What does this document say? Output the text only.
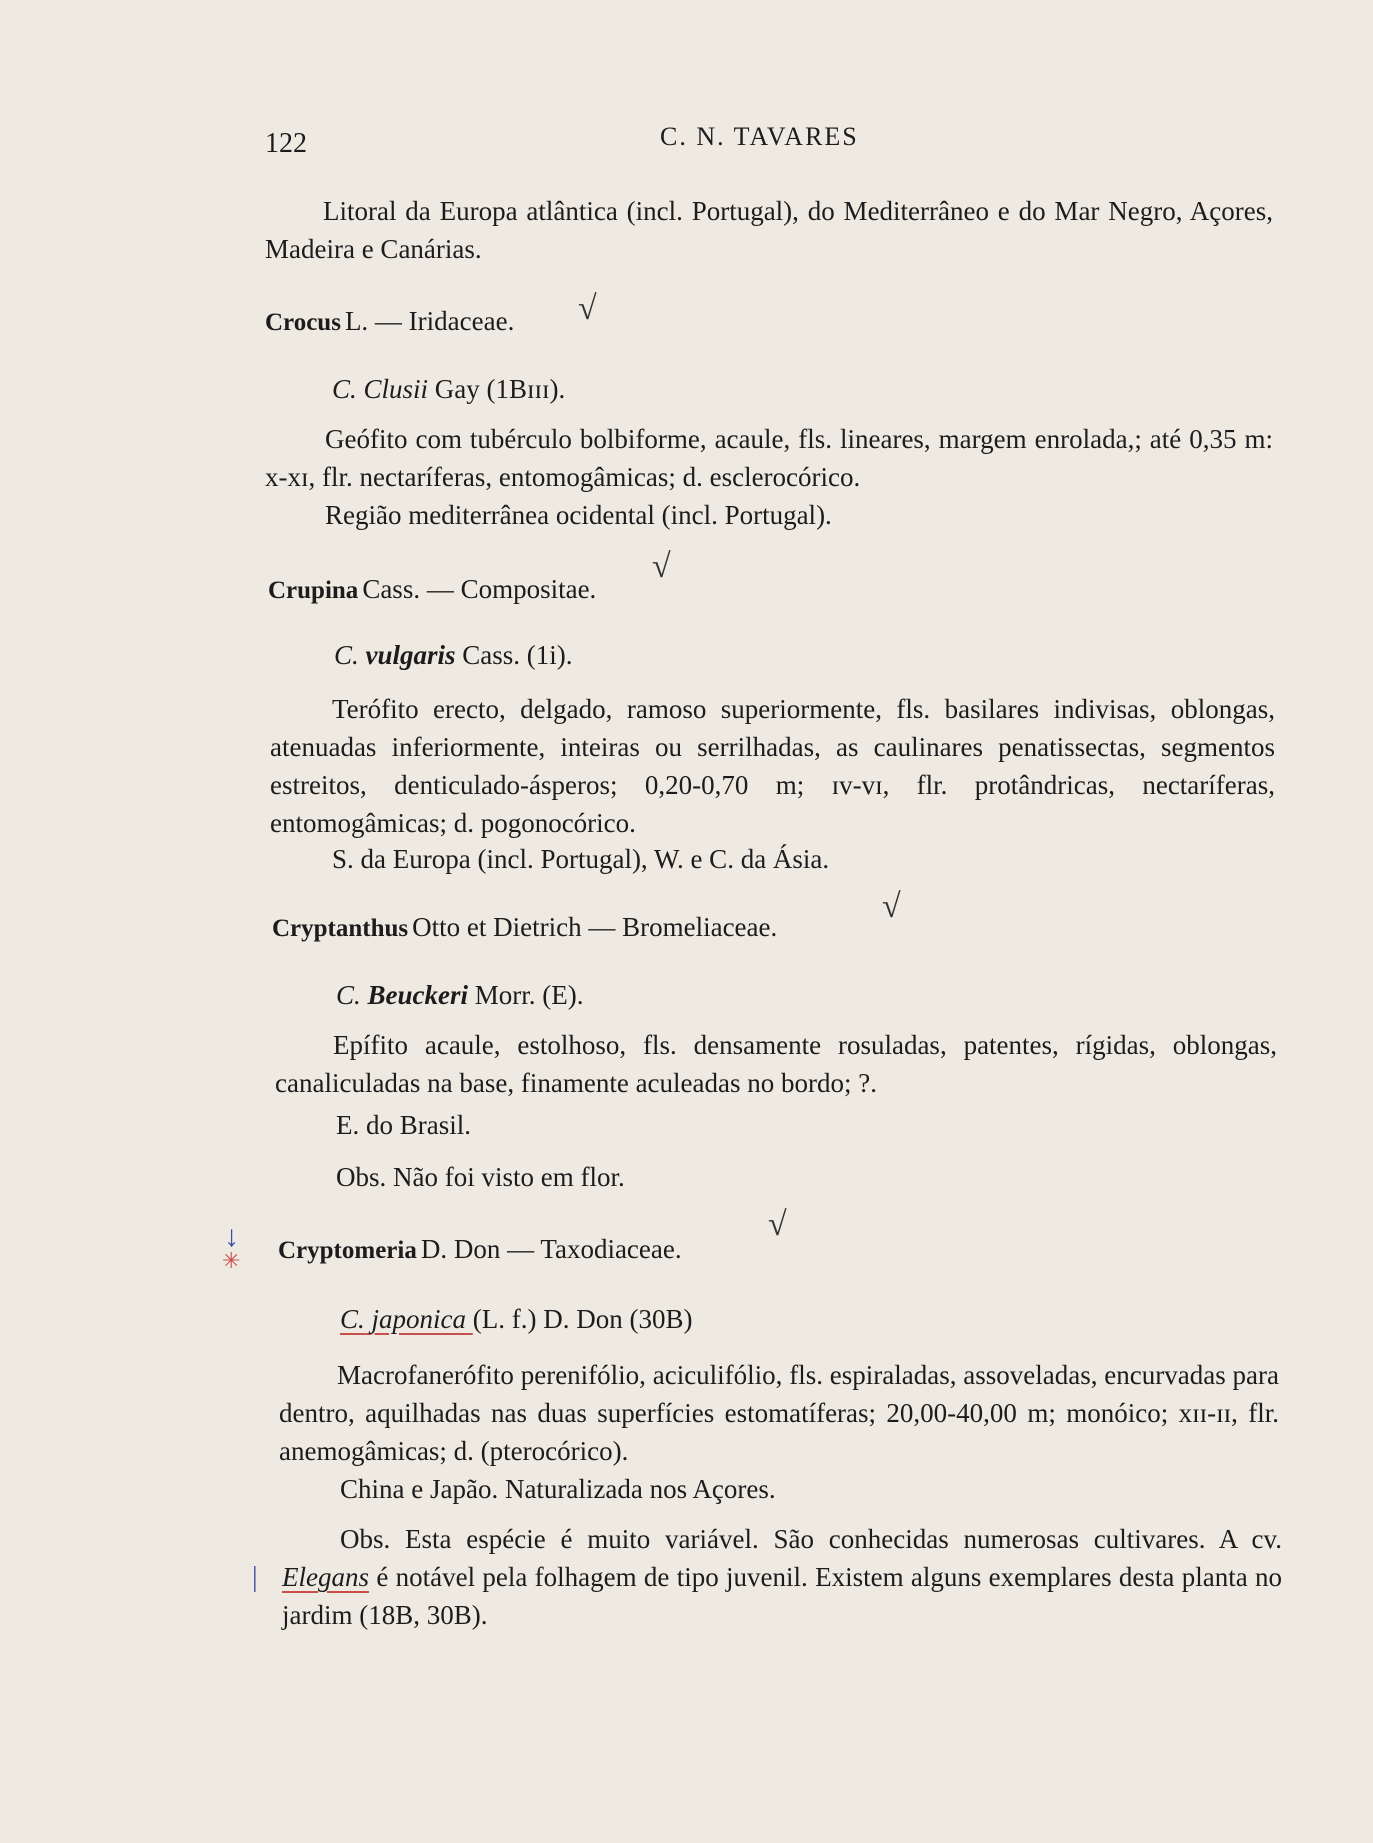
122	C. N. TAVARES
Litoral da Europa atlântica (incl. Portugal), do Mediterrâneo e do Mar Negro, Açores, Madeira e Canárias.
Crocus L. — Iridaceae. √
C. Clusii Gay (1Bɪɪɪ).
Geófito com tubérculo bolbiforme, acaule, fls. lineares, margem enrolada,; até 0,35 m: x-xɪ, flr. nectaríferas, entomogâmicas; d. esclerocórico.
Região mediterrânea ocidental (incl. Portugal).
Crupina Cass. — Compositae.
√
C. vulgaris Cass. (1i).
Terófito erecto, delgado, ramoso superiormente, fls. basilares indivisas, oblongas, atenuadas inferiormente, inteiras ou serrilhadas, as caulinares penatissectas, segmentos estreitos, denticulado-ásperos; 0,20-0,70 m; ɪv-vɪ, flr. protândricas, nectaríferas, entomogâmicas; d. pogonocórico.
S. da Europa (incl. Portugal), W. e C. da Ásia.
Cryptanthus Otto et Dietrich — Bromeliaceae.
√
C. Beuckeri Morr. (E).
Epífito acaule, estolhoso, fls. densamente rosuladas, patentes, rígidas, oblongas, canaliculadas na base, finamente aculeadas no bordo; ?.
E. do Brasil.
Obs. Não foi visto em flor.
↓
✳ Cryptomeria D. Don — Taxodiaceae.
√
C. japonica (L. f.) D. Don (30B)
Macrofanerófito perenifólio, aciculifólio, fls. espiraladas, assoveladas, encurvadas para dentro, aquilhadas nas duas superfícies estomatíferas; 20,00-40,00 m; monóico; xɪɪ-ɪɪ, flr. anemogâmicas; d. (pterocórico).
China e Japão. Naturalizada nos Açores.
|
Obs. Esta espécie é muito variável. São conhecidas numerosas cultivares. A cv. Elegans é notável pela folhagem de tipo juvenil. Existem alguns exemplares desta planta no jardim (18B, 30B).
